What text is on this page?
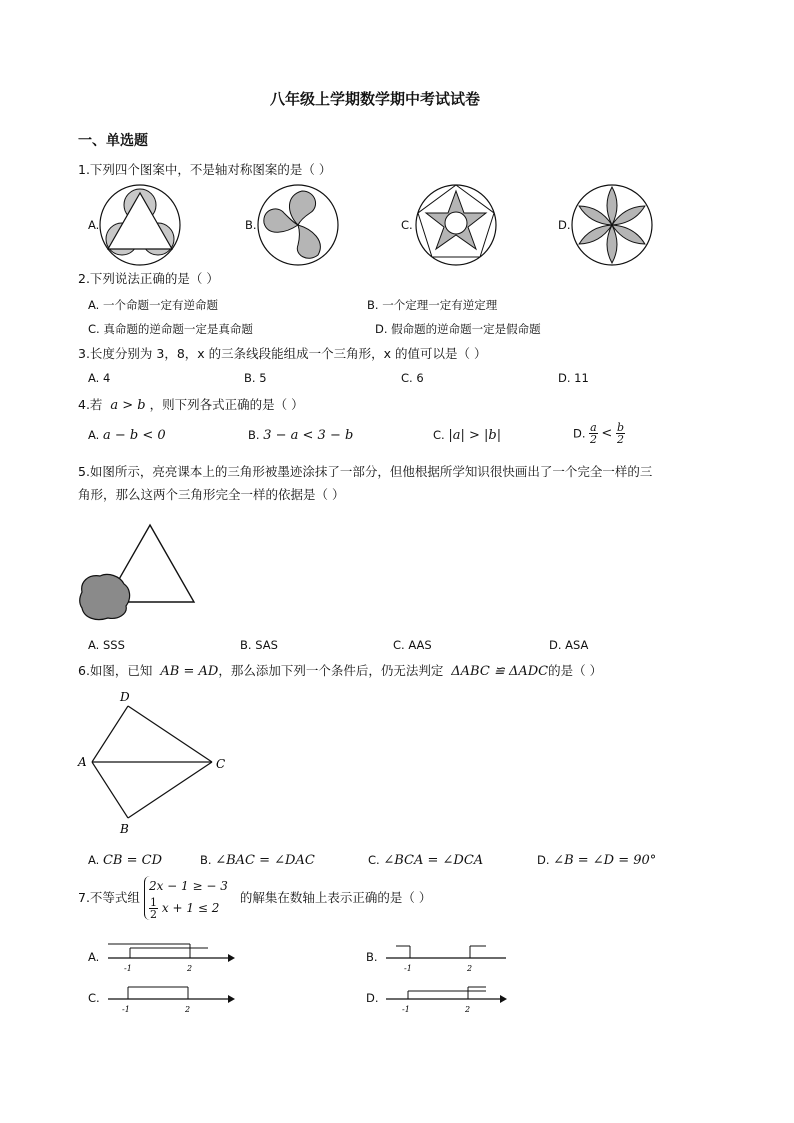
八年级上学期数学期中考试试卷
一、单选题
1.下列四个图案中，不是轴对称图案的是（ ）
A.	B.	C.	D.
2.下列说法正确的是（ ）
A. 一个命题一定有逆命题	B. 一个定理一定有逆定理
C. 真命题的逆命题一定是真命题	D. 假命题的逆命题一定是假命题
3.长度分别为 3，8，x 的三条线段能组成一个三角形，x 的值可以是（ ）
A. 4	B. 5	C. 6	D. 11
4.若 a > b ，则下列各式正确的是（ ）
A. a − b < 0	B. 3 − a < 3 − b	C. |a| > |b|	D. $\frac{a}{2} < \frac{b}{2}$
5.如图所示，亮亮课本上的三角形被墨迹涂抹了一部分，但他根据所学知识很快画出了一个完全一样的三
角形，那么这两个三角形完全一样的依据是（ ）
A. SSS	B. SAS	C. AAS	D. ASA
6.如图，已知 AB = AD，那么添加下列一个条件后，仍无法判定 ΔABC ≌ ΔADC的是（ ）
D
A	C
B
A. CB = CD	B. ∠BAC = ∠DAC	C. ∠BCA = ∠DCA	D. ∠B = ∠D = 90°
7.不等式组
2x − 1 ≥ − 3
$\frac{1}{2}$ x + 1 ≤ 2
的解集在数轴上表示正确的是（ ）
A.
-1	2
B.
-1	2
C.
-1	2
D.
-1	2
